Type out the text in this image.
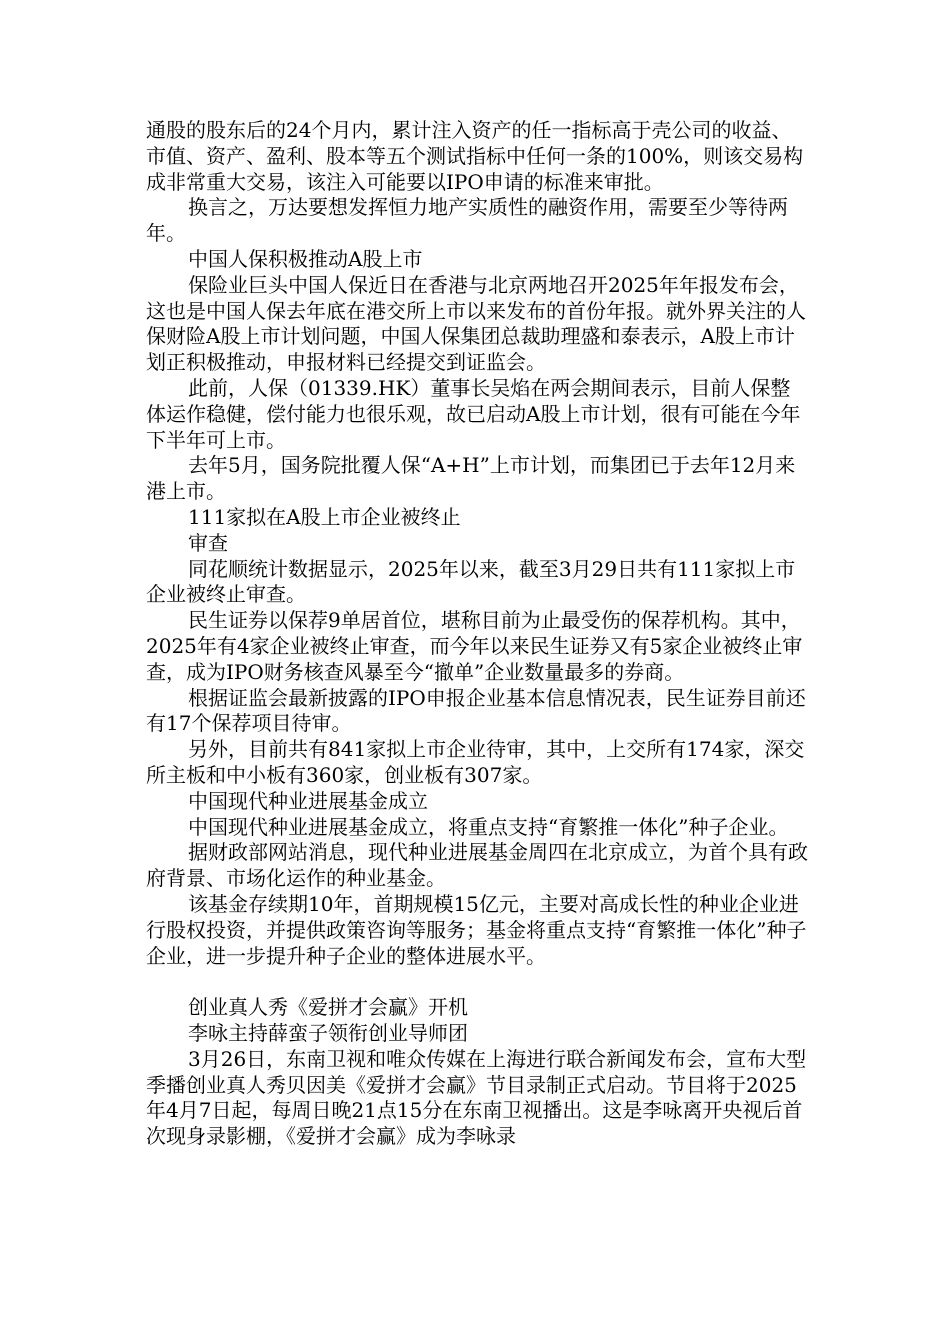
通股的股东后的24个月内，累计注入资产的任一指标高于壳公司的收益、市值、资产、盈利、股本等五个测试指标中任何一条的100%，则该交易构成非常重大交易，该注入可能要以IPO申请的标准来审批。

换言之，万达要想发挥恒力地产实质性的融资作用，需要至少等待两年。

中国人保积极推动A股上市

保险业巨头中国人保近日在香港与北京两地召开2025年年报发布会，这也是中国人保去年底在港交所上市以来发布的首份年报。就外界关注的人保财险A股上市计划问题，中国人保集团总裁助理盛和泰表示，A股上市计划正积极推动，申报材料已经提交到证监会。

此前，人保（01339.HK）董事长吴焰在两会期间表示，目前人保整体运作稳健，偿付能力也很乐观，故已启动A股上市计划，很有可能在今年下半年可上市。

去年5月，国务院批覆人保“A+H”上市计划，而集团已于去年12月来港上市。

111家拟在A股上市企业被终止

审查

同花顺统计数据显示，2025年以来，截至3月29日共有111家拟上市企业被终止审查。

民生证券以保荐9单居首位，堪称目前为止最受伤的保荐机构。其中，2025年有4家企业被终止审查，而今年以来民生证券又有5家企业被终止审查，成为IPO财务核查风暴至今“撤单”企业数量最多的券商。

根据证监会最新披露的IPO申报企业基本信息情况表，民生证券目前还有17个保荐项目待审。

另外，目前共有841家拟上市企业待审，其中，上交所有174家，深交所主板和中小板有360家，创业板有307家。

中国现代种业进展基金成立

中国现代种业进展基金成立，将重点支持“育繁推一体化”种子企业。

据财政部网站消息，现代种业进展基金周四在北京成立，为首个具有政府背景、市场化运作的种业基金。

该基金存续期10年，首期规模15亿元，主要对高成长性的种业企业进行股权投资，并提供政策咨询等服务；基金将重点支持“育繁推一体化”种子企业，进一步提升种子企业的整体进展水平。

创业真人秀《爱拼才会赢》开机

李咏主持薛蛮子领衔创业导师团

3月26日，东南卫视和唯众传媒在上海进行联合新闻发布会，宣布大型季播创业真人秀贝因美《爱拼才会赢》节目录制正式启动。节目将于2025年4月7日起，每周日晚21点15分在东南卫视播出。这是李咏离开央视后首次现身录影棚，《爱拼才会赢》成为李咏录
